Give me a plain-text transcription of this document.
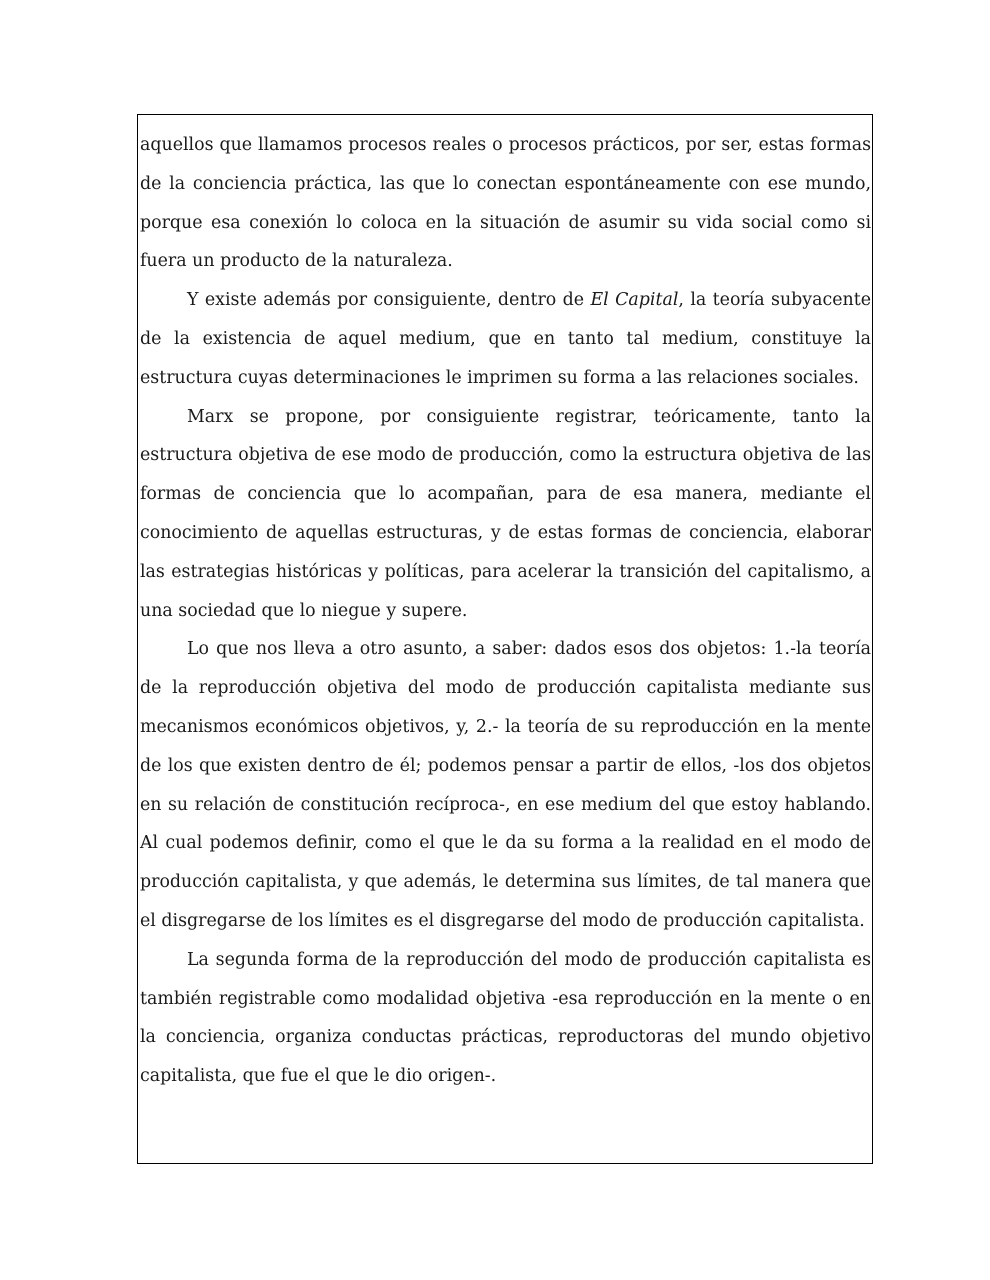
aquellos que llamamos procesos reales o procesos prácticos, por ser, estas formas de la conciencia práctica, las que lo conectan espontáneamente con ese mundo, porque esa conexión lo coloca en la situación de asumir su vida social como si fuera un producto de la naturaleza.

Y existe además por consiguiente, dentro de El Capital, la teoría subyacente de la existencia de aquel medium, que en tanto tal medium, constituye la estructura cuyas determinaciones le imprimen su forma a las relaciones sociales.

Marx se propone, por consiguiente registrar, teóricamente, tanto la estructura objetiva de ese modo de producción, como la estructura objetiva de las formas de conciencia que lo acompañan, para de esa manera, mediante el conocimiento de aquellas estructuras, y de estas formas de conciencia, elaborar las estrategias históricas y políticas, para acelerar la transición del capitalismo, a una sociedad que lo niegue y supere.

Lo que nos lleva a otro asunto, a saber: dados esos dos objetos: 1.-la teoría de la reproducción objetiva del modo de producción capitalista mediante sus mecanismos económicos objetivos, y, 2.- la teoría de su reproducción en la mente de los que existen dentro de él; podemos pensar a partir de ellos, -los dos objetos en su relación de constitución recíproca-, en ese medium del que estoy hablando. Al cual podemos definir, como el que le da su forma a la realidad en el modo de producción capitalista, y que además, le determina sus límites, de tal manera que el disgregarse de los límites es el disgregarse del modo de producción capitalista.

La segunda forma de la reproducción del modo de producción capitalista es también registrable como modalidad objetiva -esa reproducción en la mente o en la conciencia, organiza conductas prácticas, reproductoras del mundo objetivo capitalista, que fue el que le dio origen-.
